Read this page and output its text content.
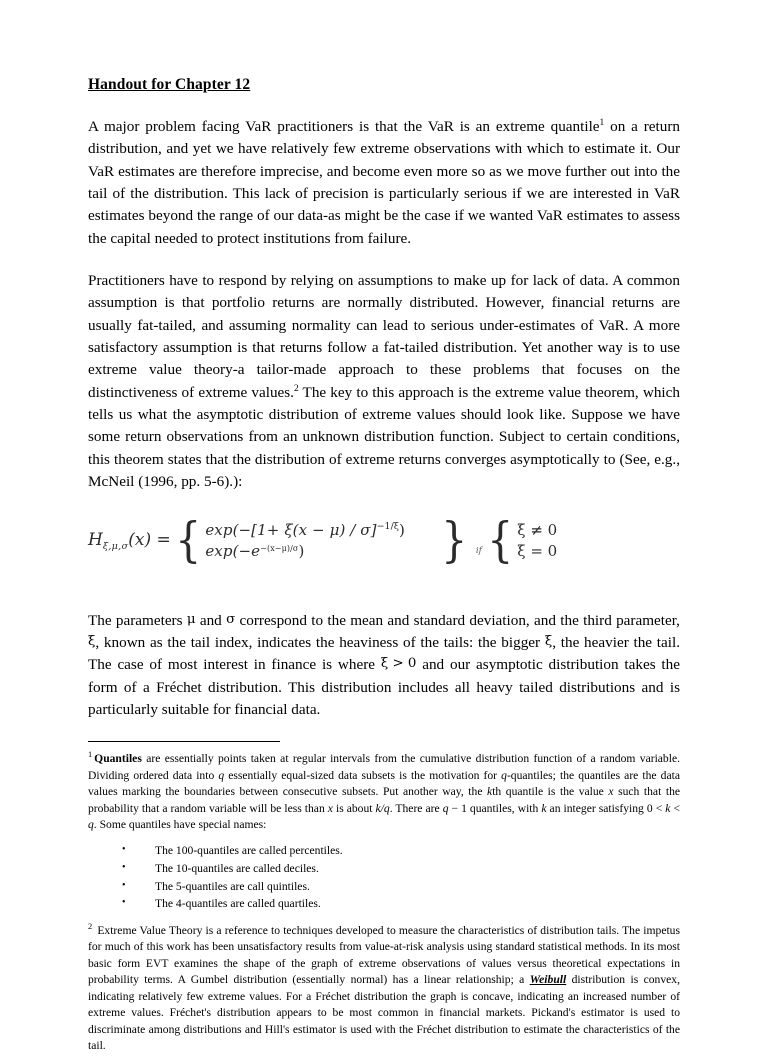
Handout for Chapter 12

A major problem facing VaR practitioners is that the VaR is an extreme quantile$^1$ on a return distribution, and yet we have relatively few extreme observations with which to estimate it. Our VaR estimates are therefore imprecise, and become even more so as we move further out into the tail of the distribution. This lack of precision is particularly serious if we are interested in VaR estimates beyond the range of our data-as might be the case if we wanted VaR estimates to assess the capital needed to protect institutions from failure.

Practitioners have to respond by relying on assumptions to make up for lack of data. A common assumption is that portfolio returns are normally distributed. However, financial returns are usually fat-tailed, and assuming normality can lead to serious under-estimates of VaR. A more satisfactory assumption is that returns follow a fat-tailed distribution. Yet another way is to use extreme value theory-a tailor-made approach to these problems that focuses on the distinctiveness of extreme values.$^2$ The key to this approach is the extreme value theorem, which tells us what the asymptotic distribution of extreme values should look like. Suppose we have some return observations from an unknown distribution function. Subject to certain conditions, this theorem states that the distribution of extreme returns converges asymptotically to (See, e.g., McNeil (1996, pp. 5-6).):

$H_{\xi,\mu,\sigma}(x)$ = { $\exp(-[1+ \xi(x - \mu) / \sigma]^{-1/\xi})$
$\exp(-e^{-(x-\mu)/\sigma})$	} if { ξ ≠ 0
ξ = 0

The parameters μ and σ correspond to the mean and standard deviation, and the third parameter, ξ, known as the tail index, indicates the heaviness of the tails: the bigger ξ, the heavier the tail. The case of most interest in finance is where ξ > 0 and our asymptotic distribution takes the form of a Fréchet distribution. This distribution includes all heavy tailed distributions and is particularly suitable for financial data.

$^1$ Quantiles are essentially points taken at regular intervals from the cumulative distribution function of a random variable. Dividing ordered data into q essentially equal-sized data subsets is the motivation for q-quantiles; the quantiles are the data values marking the boundaries between consecutive subsets. Put another way, the kth quantile is the value x such that the probability that a random variable will be less than x is about k/q. There are q − 1 quantiles, with k an integer satisfying 0 < k < q. Some quantiles have special names:

•	The 100-quantiles are called percentiles.
•	The 10-quantiles are called deciles.
•	The 5-quantiles are call quintiles.
•	The 4-quantiles are called quartiles.

$^2$ Extreme Value Theory is a reference to techniques developed to measure the characteristics of distribution tails. The impetus for much of this work has been unsatisfactory results from value-at-risk analysis using standard statistical methods. In its most basic form EVT examines the shape of the graph of extreme observations of values versus theoretical expectations in probability terms. A Gumbel distribution (essentially normal) has a linear relationship; a Weibull distribution is convex, indicating relatively few extreme values. For a Fréchet distribution the graph is concave, indicating an increased number of extreme values. Fréchet's distribution appears to be most common in financial markets. Pickand's estimator is used to discriminate among distributions and Hill's estimator is used with the Fréchet distribution to estimate the characteristics of the tail.
